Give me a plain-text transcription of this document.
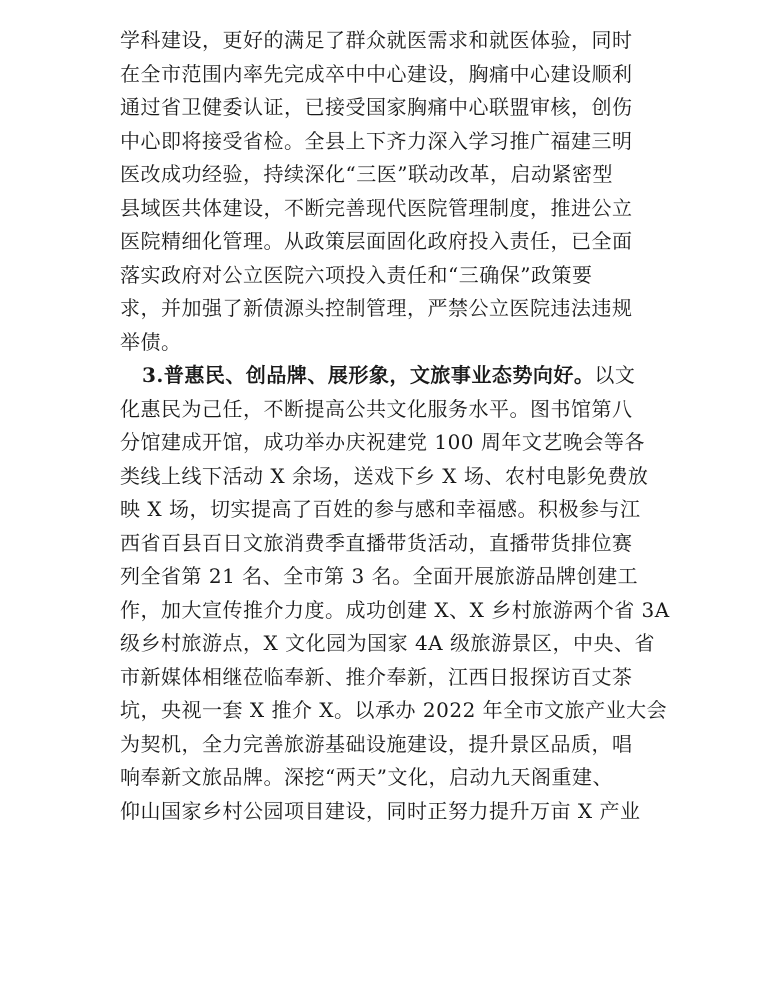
学科建设，更好的满足了群众就医需求和就医体验，同时
在全市范围内率先完成卒中中心建设，胸痛中心建设顺利
通过省卫健委认证，已接受国家胸痛中心联盟审核，创伤
中心即将接受省检。全县上下齐力深入学习推广福建三明
医改成功经验，持续深化“三医”联动改革，启动紧密型
县域医共体建设，不断完善现代医院管理制度，推进公立
医院精细化管理。从政策层面固化政府投入责任，已全面
落实政府对公立医院六项投入责任和“三确保”政策要
求，并加强了新债源头控制管理，严禁公立医院违法违规
举债。
3.普惠民、创品牌、展形象，文旅事业态势向好。以文
化惠民为己任，不断提高公共文化服务水平。图书馆第八
分馆建成开馆，成功举办庆祝建党 100 周年文艺晚会等各
类线上线下活动 X 余场，送戏下乡 X 场、农村电影免费放
映 X 场，切实提高了百姓的参与感和幸福感。积极参与江
西省百县百日文旅消费季直播带货活动，直播带货排位赛
列全省第 21 名、全市第 3 名。全面开展旅游品牌创建工
作，加大宣传推介力度。成功创建 X、X 乡村旅游两个省 3A
级乡村旅游点，X 文化园为国家 4A 级旅游景区，中央、省
市新媒体相继莅临奉新、推介奉新，江西日报探访百丈茶
坑，央视一套 X 推介 X。以承办 2022 年全市文旅产业大会
为契机，全力完善旅游基础设施建设，提升景区品质，唱
响奉新文旅品牌。深挖“两天”文化，启动九天阁重建、
仰山国家乡村公园项目建设，同时正努力提升万亩 X 产业
